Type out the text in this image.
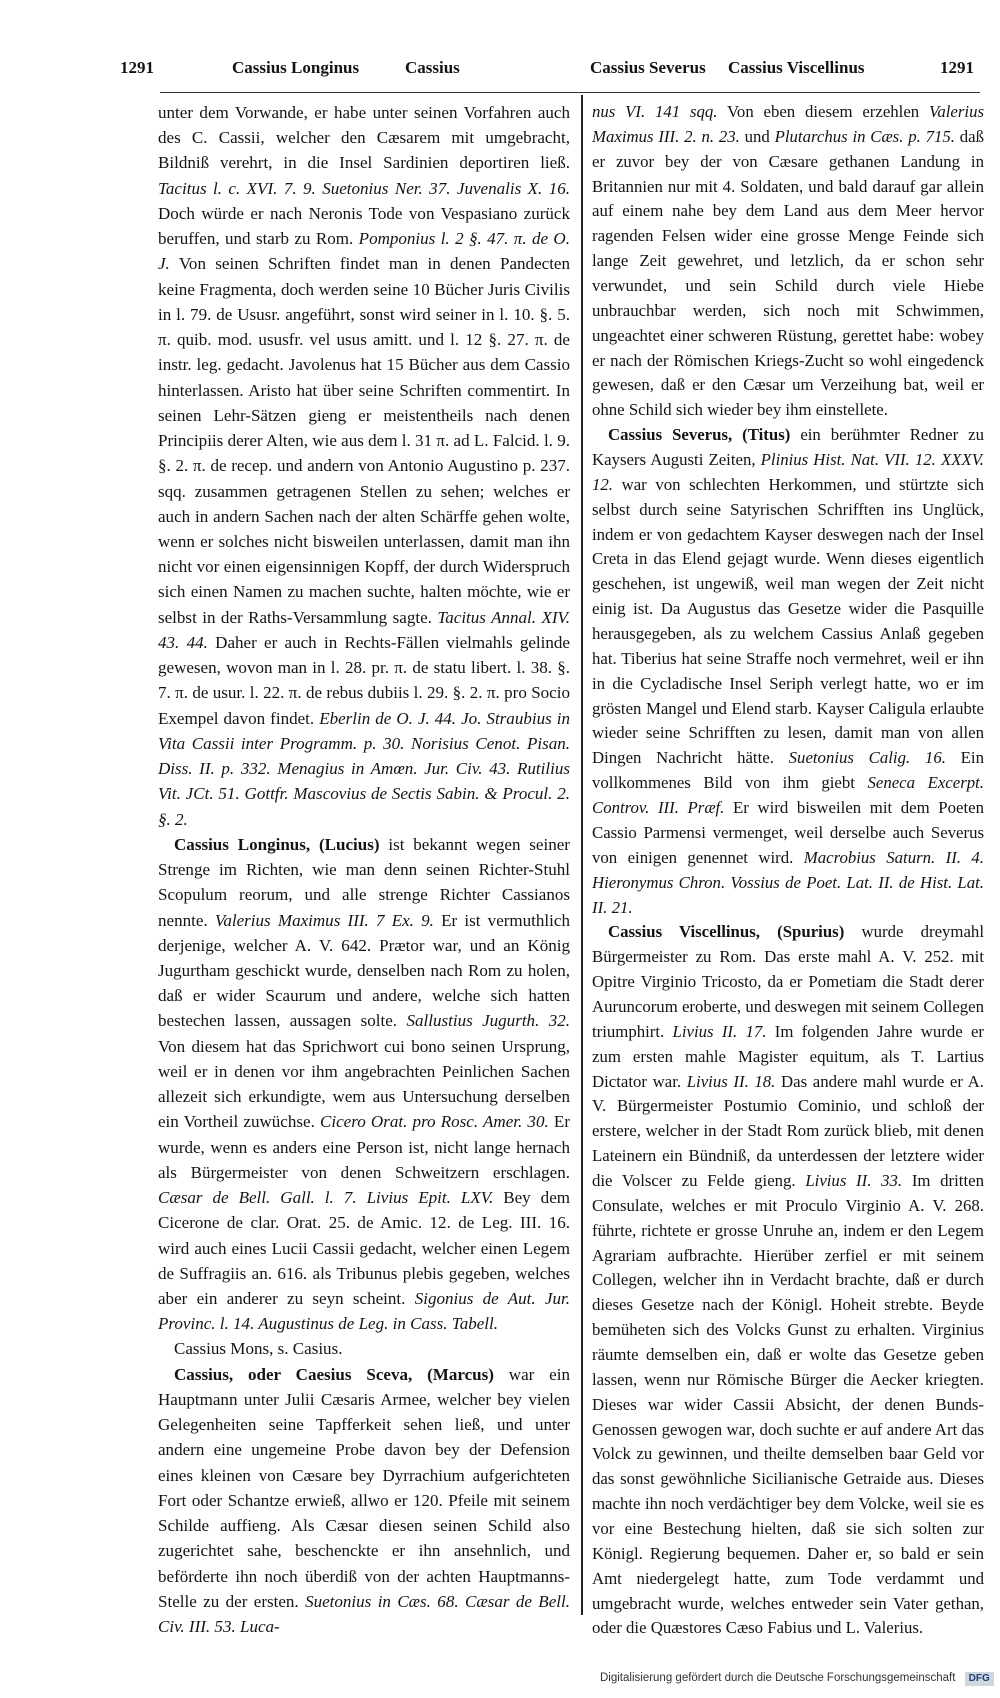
1291	Cassius Longinus	Cassius	Cassius Severus Cassius Viscellinus	1291

unter dem Vorwande, er habe unter seinen Vorfahren auch des C. Cassii, welcher den Cæsarem mit umgebracht, Bildniß verehrt, in die Insel Sardinien deportiren ließ. Tacitus l. c. XVI. 7. 9. Suetonius Ner. 37. Juvenalis X. 16. Doch würde er nach Neronis Tode von Vespasiano zurück beruffen, und starb zu Rom. Pomponius l. 2 §. 47. π. de O. J. Von seinen Schriften findet man in denen Pandecten keine Fragmenta, doch werden seine 10 Bücher Juris Civilis in l. 79. de Ususr. angeführt, sonst wird seiner in l. 10. §. 5. π. quib. mod. ususfr. vel usus amitt. und l. 12 §. 27. π. de instr. leg. gedacht. Javolenus hat 15 Bücher aus dem Cassio hinterlassen. Aristo hat über seine Schriften commentirt. In seinen Lehr-Sätzen gieng er meistentheils nach denen Principiis derer Alten, wie aus dem l. 31 π. ad L. Falcid. l. 9. §. 2. π. de recep. und andern von Antonio Augustino p. 237. sqq. zusammen getragenen Stellen zu sehen; welches er auch in andern Sachen nach der alten Schärffe gehen wolte, wenn er solches nicht bisweilen unterlassen, damit man ihn nicht vor einen eigensinnigen Kopff, der durch Widerspruch sich einen Namen zu machen suchte, halten möchte, wie er selbst in der Raths-Versammlung sagte. Tacitus Annal. XIV. 43. 44. Daher er auch in Rechts-Fällen vielmahls gelinde gewesen, wovon man in l. 28. pr. π. de statu libert. l. 38. §. 7. π. de usur. l. 22. π. de rebus dubiis l. 29. §. 2. π. pro Socio Exempel davon findet. Eberlin de O. J. 44. Jo. Straubius in Vita Cassii inter Programm. p. 30. Norisius Cenot. Pisan. Diss. II. p. 332. Menagius in Amœn. Jur. Civ. 43. Rutilius Vit. JCt. 51. Gottfr. Mascovius de Sectis Sabin. & Procul. 2. §. 2.

Cassius Longinus, (Lucius) ist bekannt wegen seiner Strenge im Richten, wie man denn seinen Richter-Stuhl Scopulum reorum, und alle strenge Richter Cassianos nennte. Valerius Maximus III. 7 Ex. 9. Er ist vermuthlich derjenige, welcher A. V. 642. Prætor war, und an König Jugurtham geschickt wurde, denselben nach Rom zu holen, daß er wider Scaurum und andere, welche sich hatten bestechen lassen, aussagen solte. Sallustius Jugurth. 32. Von diesem hat das Sprichwort cui bono seinen Ursprung, weil er in denen vor ihm angebrachten Peinlichen Sachen allezeit sich erkundigte, wem aus Untersuchung derselben ein Vortheil zuwüchse. Cicero Orat. pro Rosc. Amer. 30. Er wurde, wenn es anders eine Person ist, nicht lange hernach als Bürgermeister von denen Schweitzern erschlagen. Cæsar de Bell. Gall. l. 7. Livius Epit. LXV. Bey dem Cicerone de clar. Orat. 25. de Amic. 12. de Leg. III. 16. wird auch eines Lucii Cassii gedacht, welcher einen Legem de Suffragiis an. 616. als Tribunus plebis gegeben, welches aber ein anderer zu seyn scheint. Sigonius de Aut. Jur. Provinc. l. 14. Augustinus de Leg. in Cass. Tabell.

Cassius Mons, s. Casius.

Cassius, oder Caesius Sceva, (Marcus) war ein Hauptmann unter Julii Cæsaris Armee, welcher bey vielen Gelegenheiten seine Tapfferkeit sehen ließ, und unter andern eine ungemeine Probe davon bey der Defension eines kleinen von Cæsare bey Dyrrachium aufgerichteten Fort oder Schantze erwieß, allwo er 120. Pfeile mit seinem Schilde auffieng. Als Cæsar diesen seinen Schild also zugerichtet sahe, beschenckte er ihn ansehnlich, und beförderte ihn noch überdiß von der achten Hauptmanns-Stelle zu der ersten. Suetonius in Cæs. 68. Cæsar de Bell. Civ. III. 53. Luca-

nus VI. 141 sqq. Von eben diesem erzehlen Valerius Maximus III. 2. n. 23. und Plutarchus in Cæs. p. 715. daß er zuvor bey der von Cæsare gethanen Landung in Britannien nur mit 4. Soldaten, und bald darauf gar allein auf einem nahe bey dem Land aus dem Meer hervor ragenden Felsen wider eine grosse Menge Feinde sich lange Zeit gewehret, und letzlich, da er schon sehr verwundet, und sein Schild durch viele Hiebe unbrauchbar werden, sich noch mit Schwimmen, ungeachtet einer schweren Rüstung, gerettet habe: wobey er nach der Römischen Kriegs-Zucht so wohl eingedenck gewesen, daß er den Cæsar um Verzeihung bat, weil er ohne Schild sich wieder bey ihm einstellete.

Cassius Severus, (Titus) ein berühmter Redner zu Kaysers Augusti Zeiten, Plinius Hist. Nat. VII. 12. XXXV. 12. war von schlechten Herkommen, und stürtzte sich selbst durch seine Satyrischen Schrifften ins Unglück, indem er von gedachtem Kayser deswegen nach der Insel Creta in das Elend gejagt wurde. Wenn dieses eigentlich geschehen, ist ungewiß, weil man wegen der Zeit nicht einig ist. Da Augustus das Gesetze wider die Pasquille herausgegeben, als zu welchem Cassius Anlaß gegeben hat. Tiberius hat seine Straffe noch vermehret, weil er ihn in die Cycladische Insel Seriph verlegt hatte, wo er im grösten Mangel und Elend starb. Kayser Caligula erlaubte wieder seine Schrifften zu lesen, damit man von allen Dingen Nachricht hätte. Suetonius Calig. 16. Ein vollkommenes Bild von ihm giebt Seneca Excerpt. Controv. III. Præf. Er wird bisweilen mit dem Poeten Cassio Parmensi vermenget, weil derselbe auch Severus von einigen genennet wird. Macrobius Saturn. II. 4. Hieronymus Chron. Vossius de Poet. Lat. II. de Hist. Lat. II. 21.

Cassius Viscellinus, (Spurius) wurde dreymahl Bürgermeister zu Rom. Das erste mahl A. V. 252. mit Opitre Virginio Tricosto, da er Pometiam die Stadt derer Auruncorum eroberte, und deswegen mit seinem Collegen triumphirt. Livius II. 17. Im folgenden Jahre wurde er zum ersten mahle Magister equitum, als T. Lartius Dictator war. Livius II. 18. Das andere mahl wurde er A. V. Bürgermeister Postumio Cominio, und schloß der erstere, welcher in der Stadt Rom zurück blieb, mit denen Lateinern ein Bündniß, da unterdessen der letztere wider die Volscer zu Felde gieng. Livius II. 33. Im dritten Consulate, welches er mit Proculo Virginio A. V. 268. führte, richtete er grosse Unruhe an, indem er den Legem Agrariam aufbrachte. Hierüber zerfiel er mit seinem Collegen, welcher ihn in Verdacht brachte, daß er durch dieses Gesetze nach der Königl. Hoheit strebte. Beyde bemüheten sich des Volcks Gunst zu erhalten. Virginius räumte demselben ein, daß er wolte das Gesetze geben lassen, wenn nur Römische Bürger die Aecker kriegten. Dieses war wider Cassii Absicht, der denen Bunds-Genossen gewogen war, doch suchte er auf andere Art das Volck zu gewinnen, und theilte demselben baar Geld vor das sonst gewöhnliche Sicilianische Getraide aus. Dieses machte ihn noch verdächtiger bey dem Volcke, weil sie es vor eine Bestechung hielten, daß sie sich solten zur Königl. Regierung bequemen. Daher er, so bald er sein Amt niedergelegt hatte, zum Tode verdammt und umgebracht wurde, welches entweder sein Vater gethan, oder die Quæstores Cæso Fabius und L. Valerius.

Digitalisierung gefördert durch die Deutsche Forschungsgemeinschaft DFG
